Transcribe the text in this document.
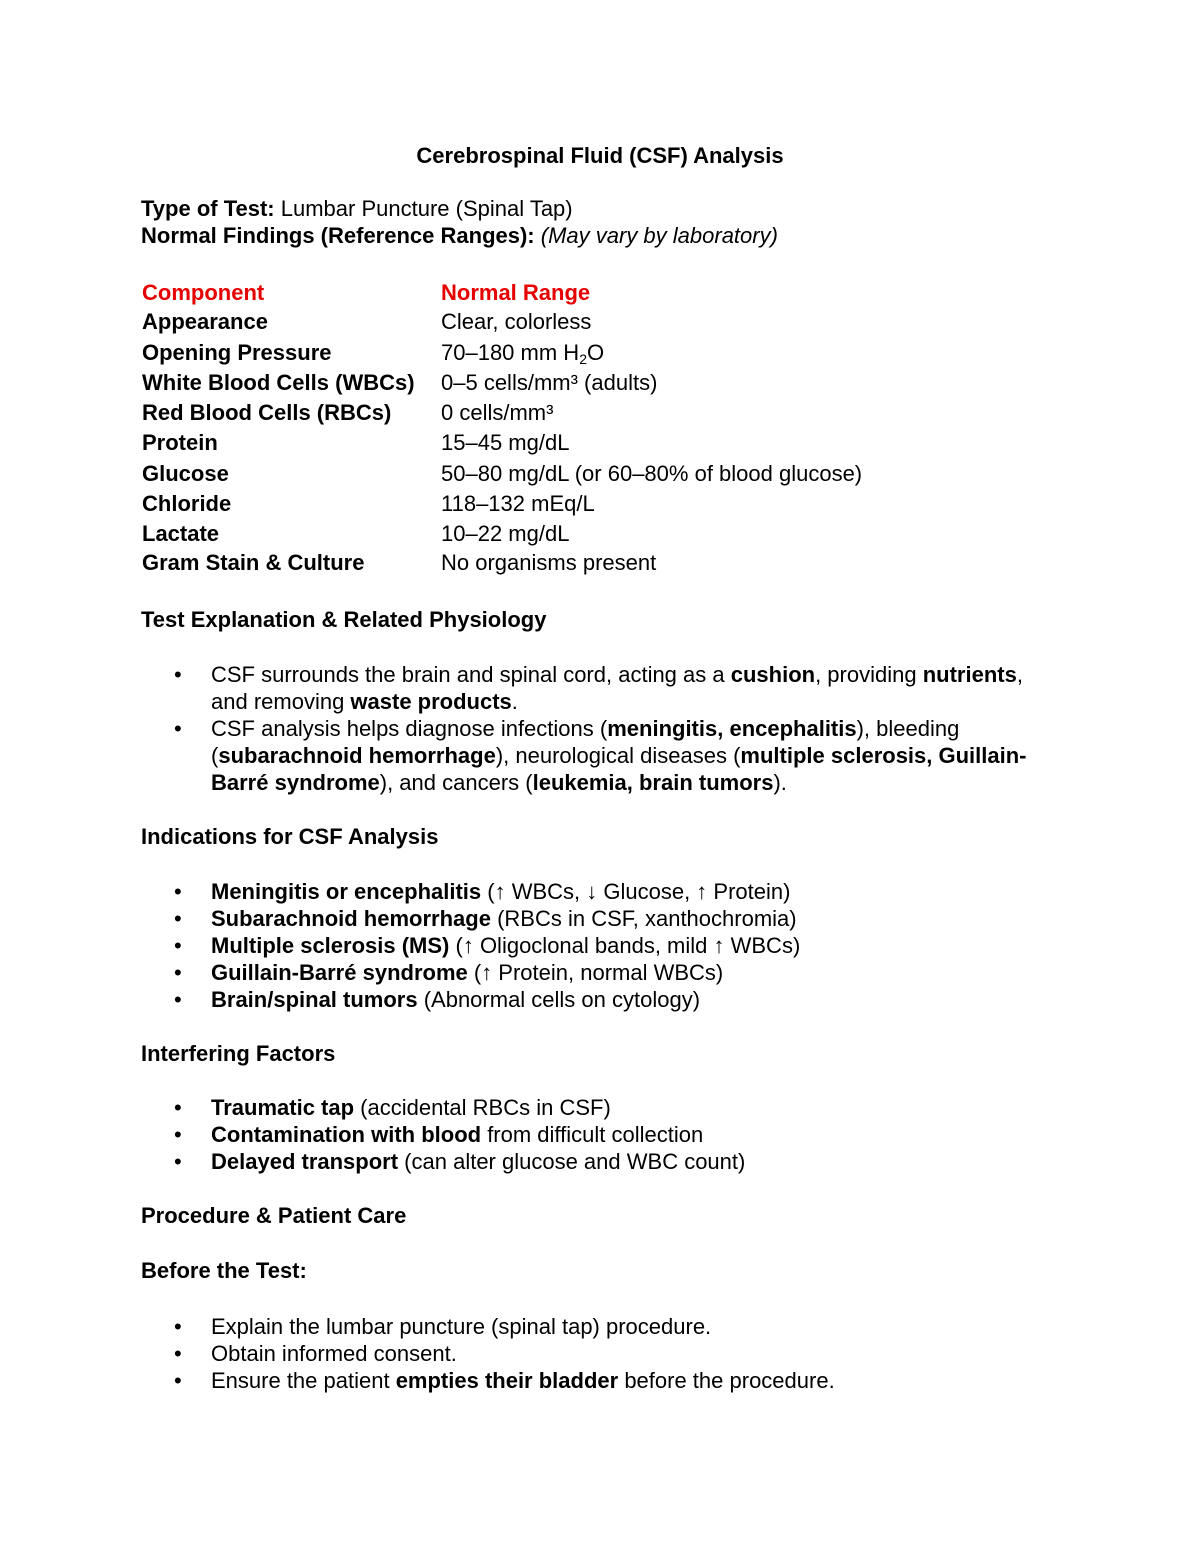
Cerebrospinal Fluid (CSF) Analysis
Type of Test: Lumbar Puncture (Spinal Tap)
Normal Findings (Reference Ranges): (May vary by laboratory)
Component	Normal Range
Appearance	Clear, colorless
Opening Pressure	70–180 mm $H_2O$
White Blood Cells (WBCs) 0–5 cells/mm³ (adults)
Red Blood Cells (RBCs) 0 cells/mm³
Protein	15–45 mg/dL
Glucose	50–80 mg/dL (or 60–80% of blood glucose)
Chloride	118–132 mEq/L
Lactate	10–22 mg/dL
Gram Stain & Culture	No organisms present
Test Explanation & Related Physiology
• CSF surrounds the brain and spinal cord, acting as a cushion, providing nutrients, and removing waste products.
• CSF analysis helps diagnose infections (meningitis, encephalitis), bleeding (subarachnoid hemorrhage), neurological diseases (multiple sclerosis, Guillain-Barré syndrome), and cancers (leukemia, brain tumors).
Indications for CSF Analysis
• Meningitis or encephalitis (↑ WBCs, ↓ Glucose, ↑ Protein)
• Subarachnoid hemorrhage (RBCs in CSF, xanthochromia)
• Multiple sclerosis (MS) (↑ Oligoclonal bands, mild ↑ WBCs)
• Guillain-Barré syndrome (↑ Protein, normal WBCs)
• Brain/spinal tumors (Abnormal cells on cytology)
Interfering Factors
• Traumatic tap (accidental RBCs in CSF)
• Contamination with blood from difficult collection
• Delayed transport (can alter glucose and WBC count)
Procedure & Patient Care
Before the Test:
• Explain the lumbar puncture (spinal tap) procedure.
• Obtain informed consent.
• Ensure the patient empties their bladder before the procedure.
